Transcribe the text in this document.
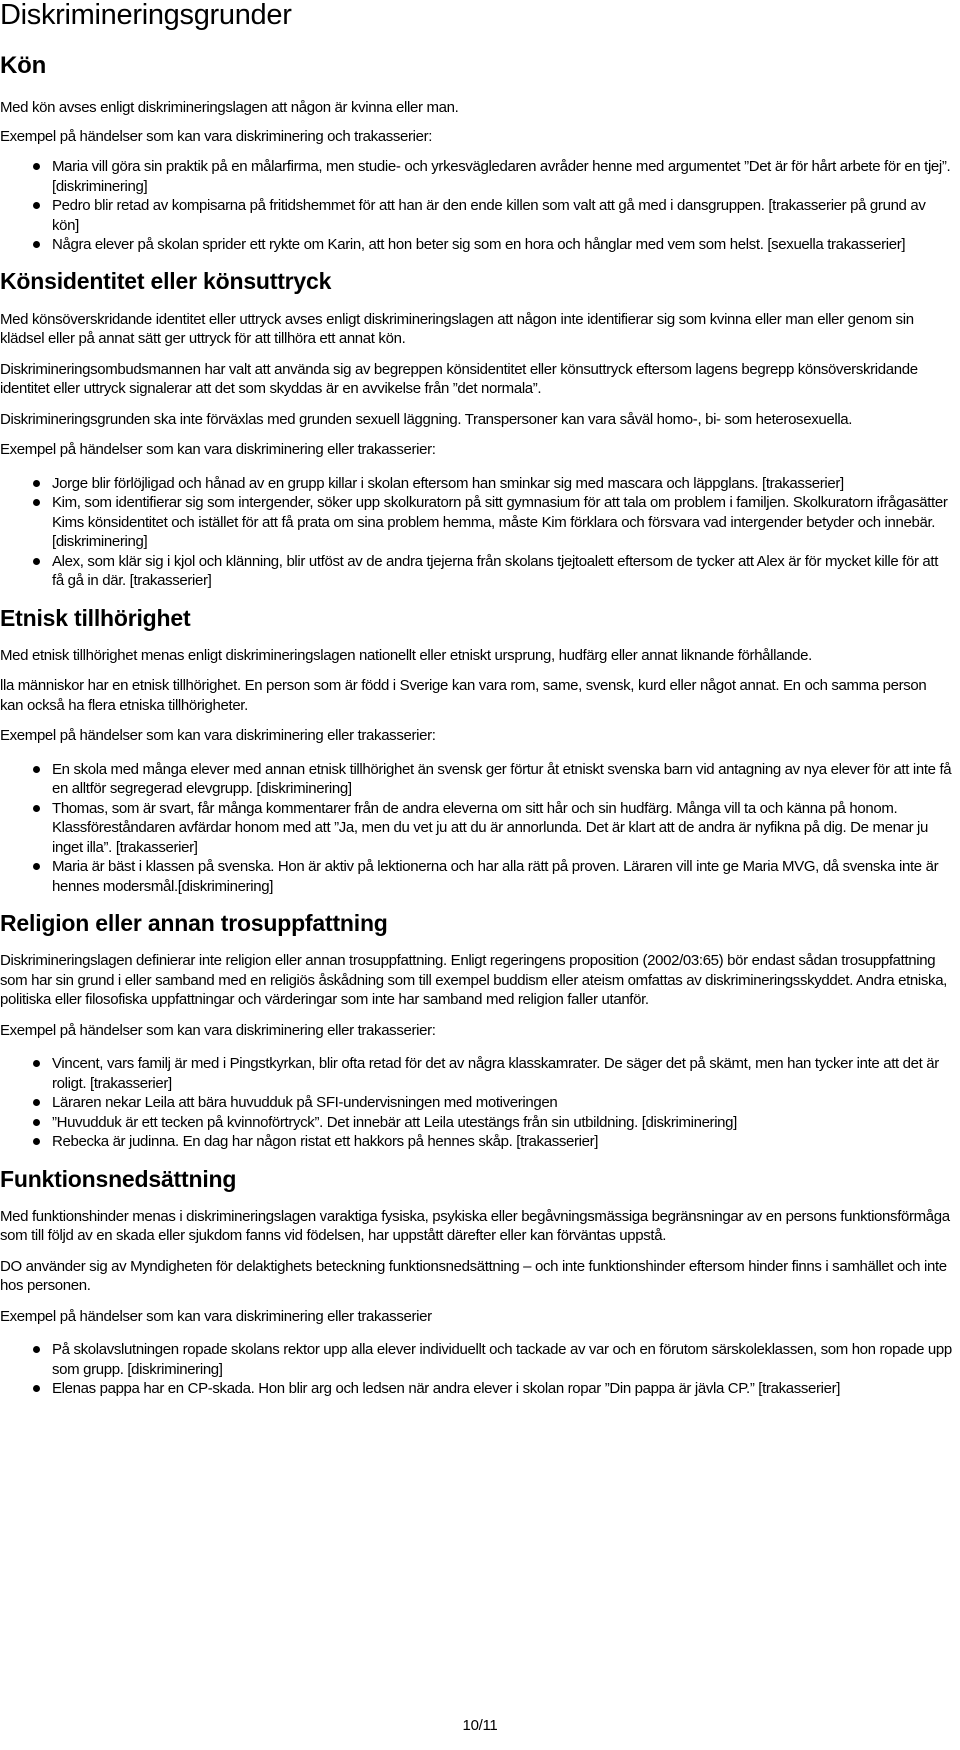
Diskrimineringsgrunder
Kön

Med kön avses enligt diskrimineringslagen att någon är kvinna eller man.

Exempel på händelser som kan vara diskriminering och trakasserier:

Maria vill göra sin praktik på en målarfirma, men studie- och yrkesvägledaren avråder henne med argumentet ”Det är för hårt arbete för en tjej”. [diskriminering]
Pedro blir retad av kompisarna på fritidshemmet för att han är den ende killen som valt att gå med i dansgruppen. [trakasserier på grund av kön]
Några elever på skolan sprider ett rykte om Karin, att hon beter sig som en hora och hånglar med vem som helst. [sexuella trakasserier]
Könsidentitet eller könsuttryck

Med könsöverskridande identitet eller uttryck avses enligt diskrimineringslagen att någon inte identifierar sig som kvinna eller man eller genom sin klädsel eller på annat sätt ger uttryck för att tillhöra ett annat kön.

Diskrimineringsombudsmannen har valt att använda sig av begreppen könsidentitet eller könsuttryck eftersom lagens begrepp könsöverskridande identitet eller uttryck signalerar att det som skyddas är en avvikelse från ”det normala”.

Diskrimineringsgrunden ska inte förväxlas med grunden sexuell läggning. Transpersoner kan vara såväl homo-, bi- som heterosexuella.

Exempel på händelser som kan vara diskriminering eller trakasserier:

Jorge blir förlöjligad och hånad av en grupp killar i skolan eftersom han sminkar sig med mascara och läppglans. [trakasserier]
Kim, som identifierar sig som intergender, söker upp skolkuratorn på sitt gymnasium för att tala om problem i familjen. Skolkuratorn ifrågasätter Kims könsidentitet och istället för att få prata om sina problem hemma, måste Kim förklara och försvara vad intergender betyder och innebär. [diskriminering]
Alex, som klär sig i kjol och klänning, blir utföst av de andra tjejerna från skolans tjejtoalett eftersom de tycker att Alex är för mycket kille för att få gå in där. [trakasserier]
Etnisk tillhörighet

Med etnisk tillhörighet menas enligt diskrimineringslagen nationellt eller etniskt ursprung, hudfärg eller annat liknande förhållande.

lla människor har en etnisk tillhörighet. En person som är född i Sverige kan vara rom, same, svensk, kurd eller något annat. En och samma person kan också ha flera etniska tillhörigheter.

Exempel på händelser som kan vara diskriminering eller trakasserier:

En skola med många elever med annan etnisk tillhörighet än svensk ger förtur åt etniskt svenska barn vid antagning av nya elever för att inte få en alltför segregerad elevgrupp. [diskriminering]
Thomas, som är svart, får många kommentarer från de andra eleverna om sitt hår och sin hudfärg. Många vill ta och känna på honom. Klassföreståndaren avfärdar honom med att ”Ja, men du vet ju att du är annorlunda. Det är klart att de andra är nyfikna på dig. De menar ju inget illa”. [trakasserier]
Maria är bäst i klassen på svenska. Hon är aktiv på lektionerna och har alla rätt på proven. Läraren vill inte ge Maria MVG, då svenska inte är hennes modersmål.[diskriminering]
Religion eller annan trosuppfattning

Diskrimineringslagen definierar inte religion eller annan trosuppfattning. Enligt regeringens proposition (2002/03:65) bör endast sådan trosuppfattning som har sin grund i eller samband med en religiös åskådning som till exempel buddism eller ateism omfattas av diskrimineringsskyddet. Andra etniska, politiska eller filosofiska uppfattningar och värderingar som inte har samband med religion faller utanför.

Exempel på händelser som kan vara diskriminering eller trakasserier:

Vincent, vars familj är med i Pingstkyrkan, blir ofta retad för det av några klasskamrater. De säger det på skämt, men han tycker inte att det är roligt. [trakasserier]
Läraren nekar Leila att bära huvudduk på SFI-undervisningen med motiveringen
”Huvudduk är ett tecken på kvinnoförtryck”. Det innebär att Leila utestängs från sin utbildning. [diskriminering]
Rebecka är judinna. En dag har någon ristat ett hakkors på hennes skåp. [trakasserier]
Funktionsnedsättning

Med funktionshinder menas i diskrimineringslagen varaktiga fysiska, psykiska eller begåvningsmässiga begränsningar av en persons funktionsförmåga som till följd av en skada eller sjukdom fanns vid födelsen, har uppstått därefter eller kan förväntas uppstå.

DO använder sig av Myndigheten för delaktighets beteckning funktionsnedsättning – och inte funktionshinder eftersom hinder finns i samhället och inte hos personen.

Exempel på händelser som kan vara diskriminering eller trakasserier

På skolavslutningen ropade skolans rektor upp alla elever individuellt och tackade av var och en förutom särskoleklassen, som hon ropade upp som grupp. [diskriminering]
Elenas pappa har en CP-skada. Hon blir arg och ledsen när andra elever i skolan ropar ”Din pappa är jävla CP.” [trakasserier]
10/11
